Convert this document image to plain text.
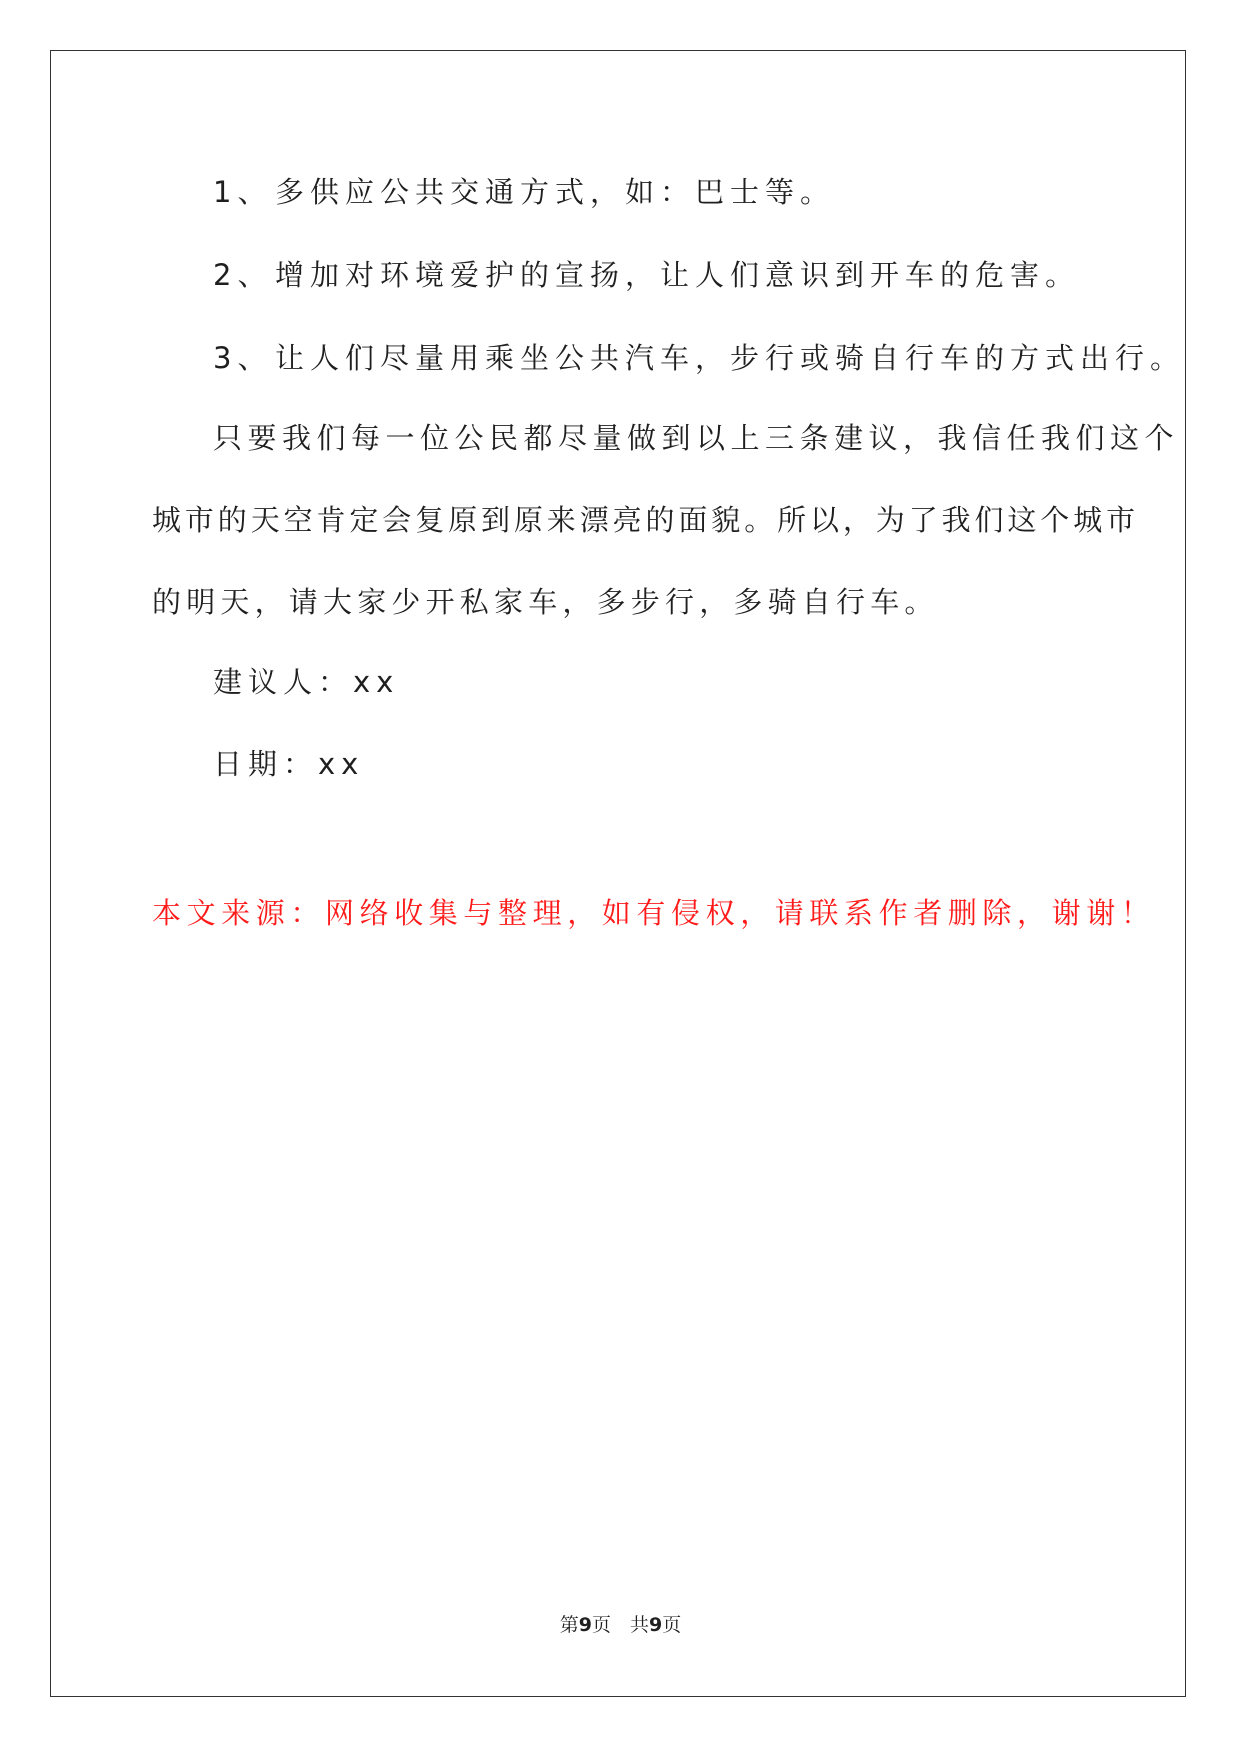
1、多供应公共交通方式，如：巴士等。
2、增加对环境爱护的宣扬，让人们意识到开车的危害。
3、让人们尽量用乘坐公共汽车，步行或骑自行车的方式出行。
只要我们每一位公民都尽量做到以上三条建议，我信任我们这个
城市的天空肯定会复原到原来漂亮的面貌。所以，为了我们这个城市
的明天，请大家少开私家车，多步行，多骑自行车。
建议人：xx
日期：xx
本文来源：网络收集与整理，如有侵权，请联系作者删除，谢谢！
第9页　共9页
